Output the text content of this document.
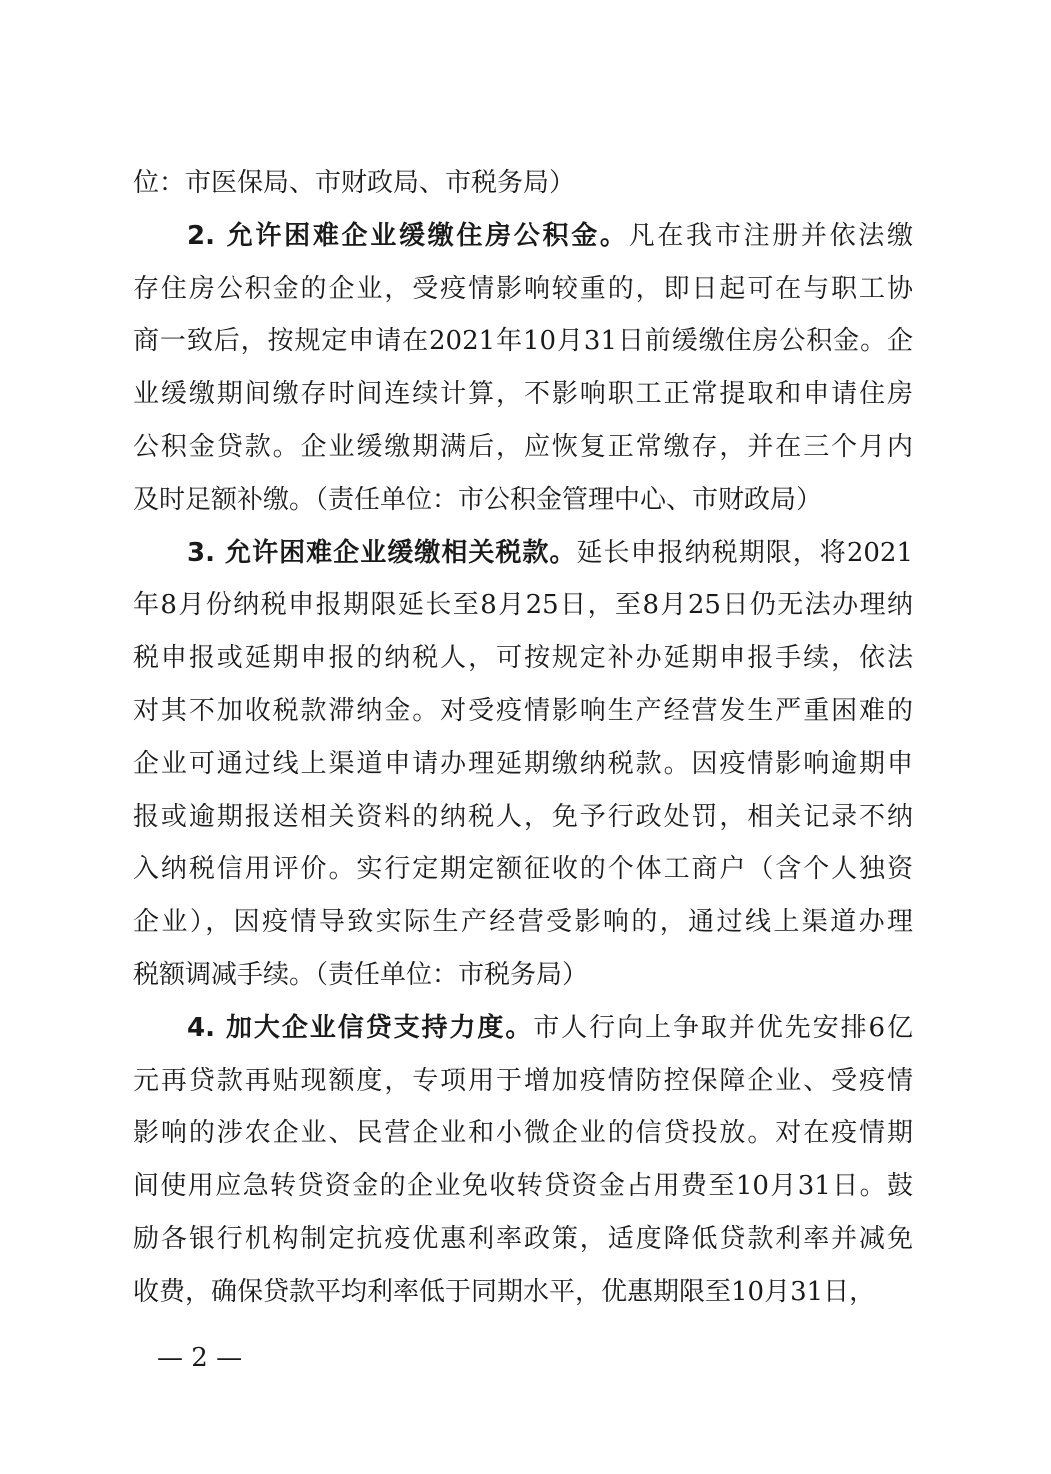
位：市医保局、市财政局、市税务局）
2. 允许困难企业缓缴住房公积金。凡在我市注册并依法缴
存住房公积金的企业，受疫情影响较重的，即日起可在与职工协
商一致后，按规定申请在2021年10月31日前缓缴住房公积金。企
业缓缴期间缴存时间连续计算，不影响职工正常提取和申请住房
公积金贷款。企业缓缴期满后，应恢复正常缴存，并在三个月内
及时足额补缴。（责任单位：市公积金管理中心、市财政局）
3. 允许困难企业缓缴相关税款。延长申报纳税期限，将2021
年8月份纳税申报期限延长至8月25日，至8月25日仍无法办理纳
税申报或延期申报的纳税人，可按规定补办延期申报手续，依法
对其不加收税款滞纳金。对受疫情影响生产经营发生严重困难的
企业可通过线上渠道申请办理延期缴纳税款。因疫情影响逾期申
报或逾期报送相关资料的纳税人，免予行政处罚，相关记录不纳
入纳税信用评价。实行定期定额征收的个体工商户（含个人独资
企业），因疫情导致实际生产经营受影响的，通过线上渠道办理
税额调减手续。（责任单位：市税务局）
4. 加大企业信贷支持力度。市人行向上争取并优先安排6亿
元再贷款再贴现额度，专项用于增加疫情防控保障企业、受疫情
影响的涉农企业、民营企业和小微企业的信贷投放。对在疫情期
间使用应急转贷资金的企业免收转贷资金占用费至10月31日。鼓
励各银行机构制定抗疫优惠利率政策，适度降低贷款利率并减免
收费，确保贷款平均利率低于同期水平，优惠期限至10月31日，
— 2 —
